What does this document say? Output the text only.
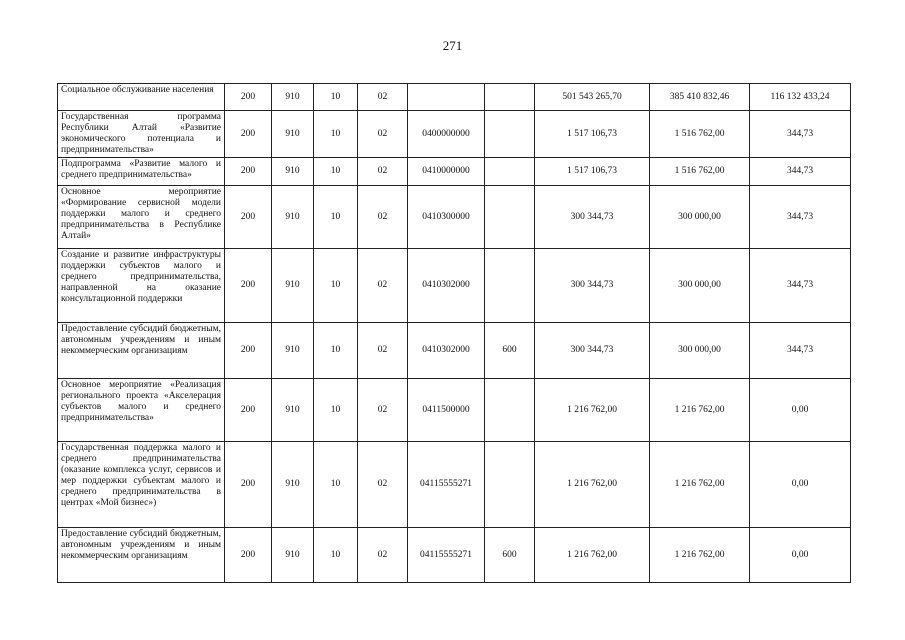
271
Социальное обслуживание населения	200	910	10	02			501 543 265,70	385 410 832,46	116 132 433,24
Государственная программа Республики Алтай «Развитие экономического потенциала и предпринимательства»	200	910	10	02	0400000000		1 517 106,73	1 516 762,00	344,73
Подпрограмма «Развитие малого и среднего предпринимательства»	200	910	10	02	0410000000		1 517 106,73	1 516 762,00	344,73
Основное мероприятие «Формирование сервисной модели поддержки малого и среднего предпринимательства в Республике Алтай»	200	910	10	02	0410300000		300 344,73	300 000,00	344,73
Создание и развитие инфраструктуры поддержки субъектов малого и среднего предпринимательства, направленной на оказание консультационной поддержки	200	910	10	02	0410302000		300 344,73	300 000,00	344,73
Предоставление субсидий бюджетным, автономным учреждениям и иным некоммерческим организациям	200	910	10	02	0410302000	600	300 344,73	300 000,00	344,73
Основное мероприятие «Реализация регионального проекта «Акселерация субъектов малого и среднего предпринимательства»	200	910	10	02	0411500000		1 216 762,00	1 216 762,00	0,00
Государственная поддержка малого и среднего предпринимательства (оказание комплекса услуг, сервисов и мер поддержки субъектам малого и среднего предпринимательства в центрах «Мой бизнес»)	200	910	10	02	04115555271		1 216 762,00	1 216 762,00	0,00
Предоставление субсидий бюджетным, автономным учреждениям и иным некоммерческим организациям	200	910	10	02	04115555271	600	1 216 762,00	1 216 762,00	0,00
